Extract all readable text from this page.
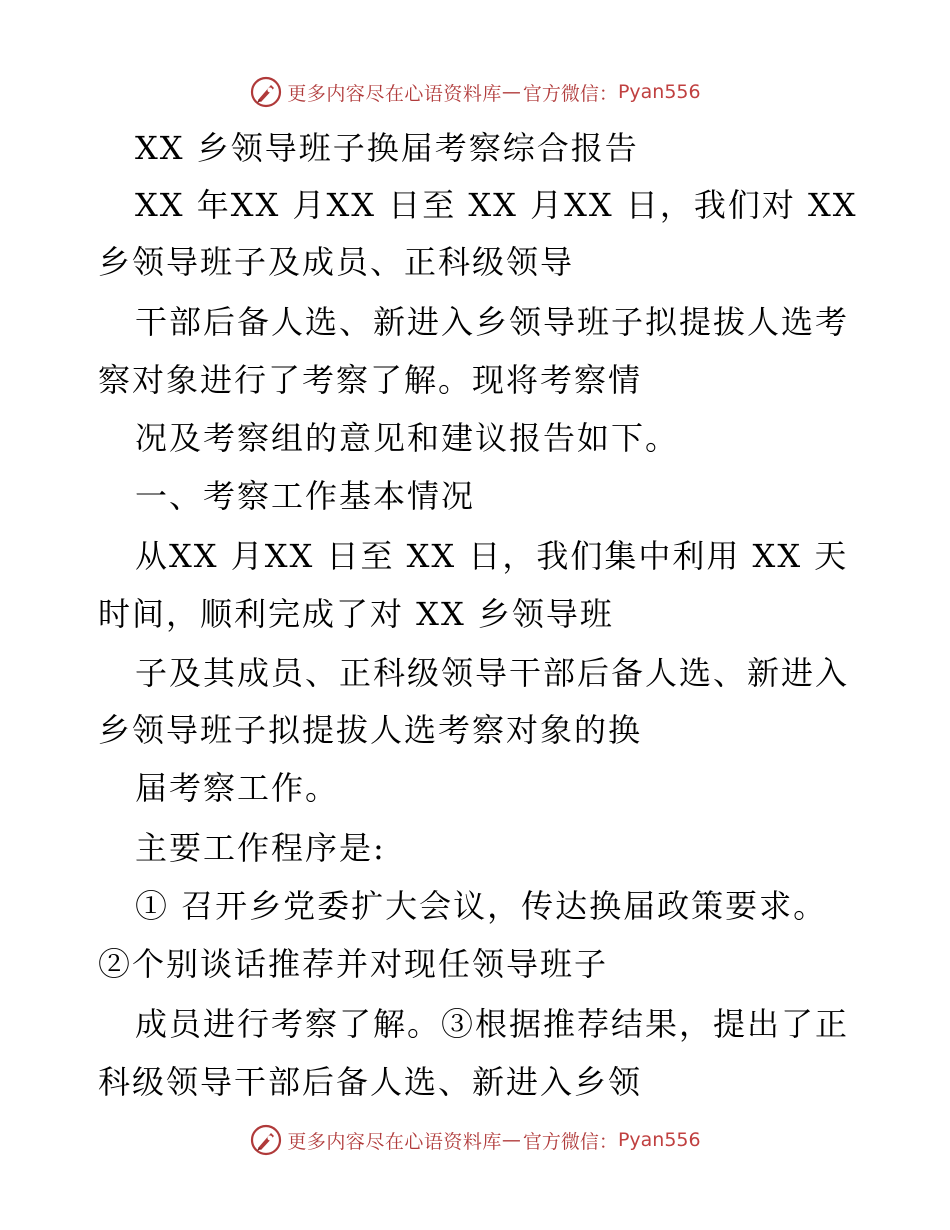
更多内容尽在心语资料库 — 官方微信： Pyan556
XX 乡领导班子换届考察综合报告
XX 年XX 月XX 日至 XX 月XX 日，我们对 XX
乡领导班子及成员、正科级领导
干部后备人选、新进入乡领导班子拟提拔人选考
察对象进行了考察了解。现将考察情
况及考察组的意见和建议报告如下。
一、考察工作基本情况
从XX 月XX 日至 XX 日，我们集中利用 XX 天
时间，顺利完成了对 XX 乡领导班
子及其成员、正科级领导干部后备人选、新进入
乡领导班子拟提拔人选考察对象的换
届考察工作。
主要工作程序是:
① 召开乡党委扩大会议，传达换届政策要求。
②个别谈话推荐并对现任领导班子
成员进行考察了解。③根据推荐结果，提出了正
科级领导干部后备人选、新进入乡领
更多内容尽在心语资料库 — 官方微信： Pyan556
